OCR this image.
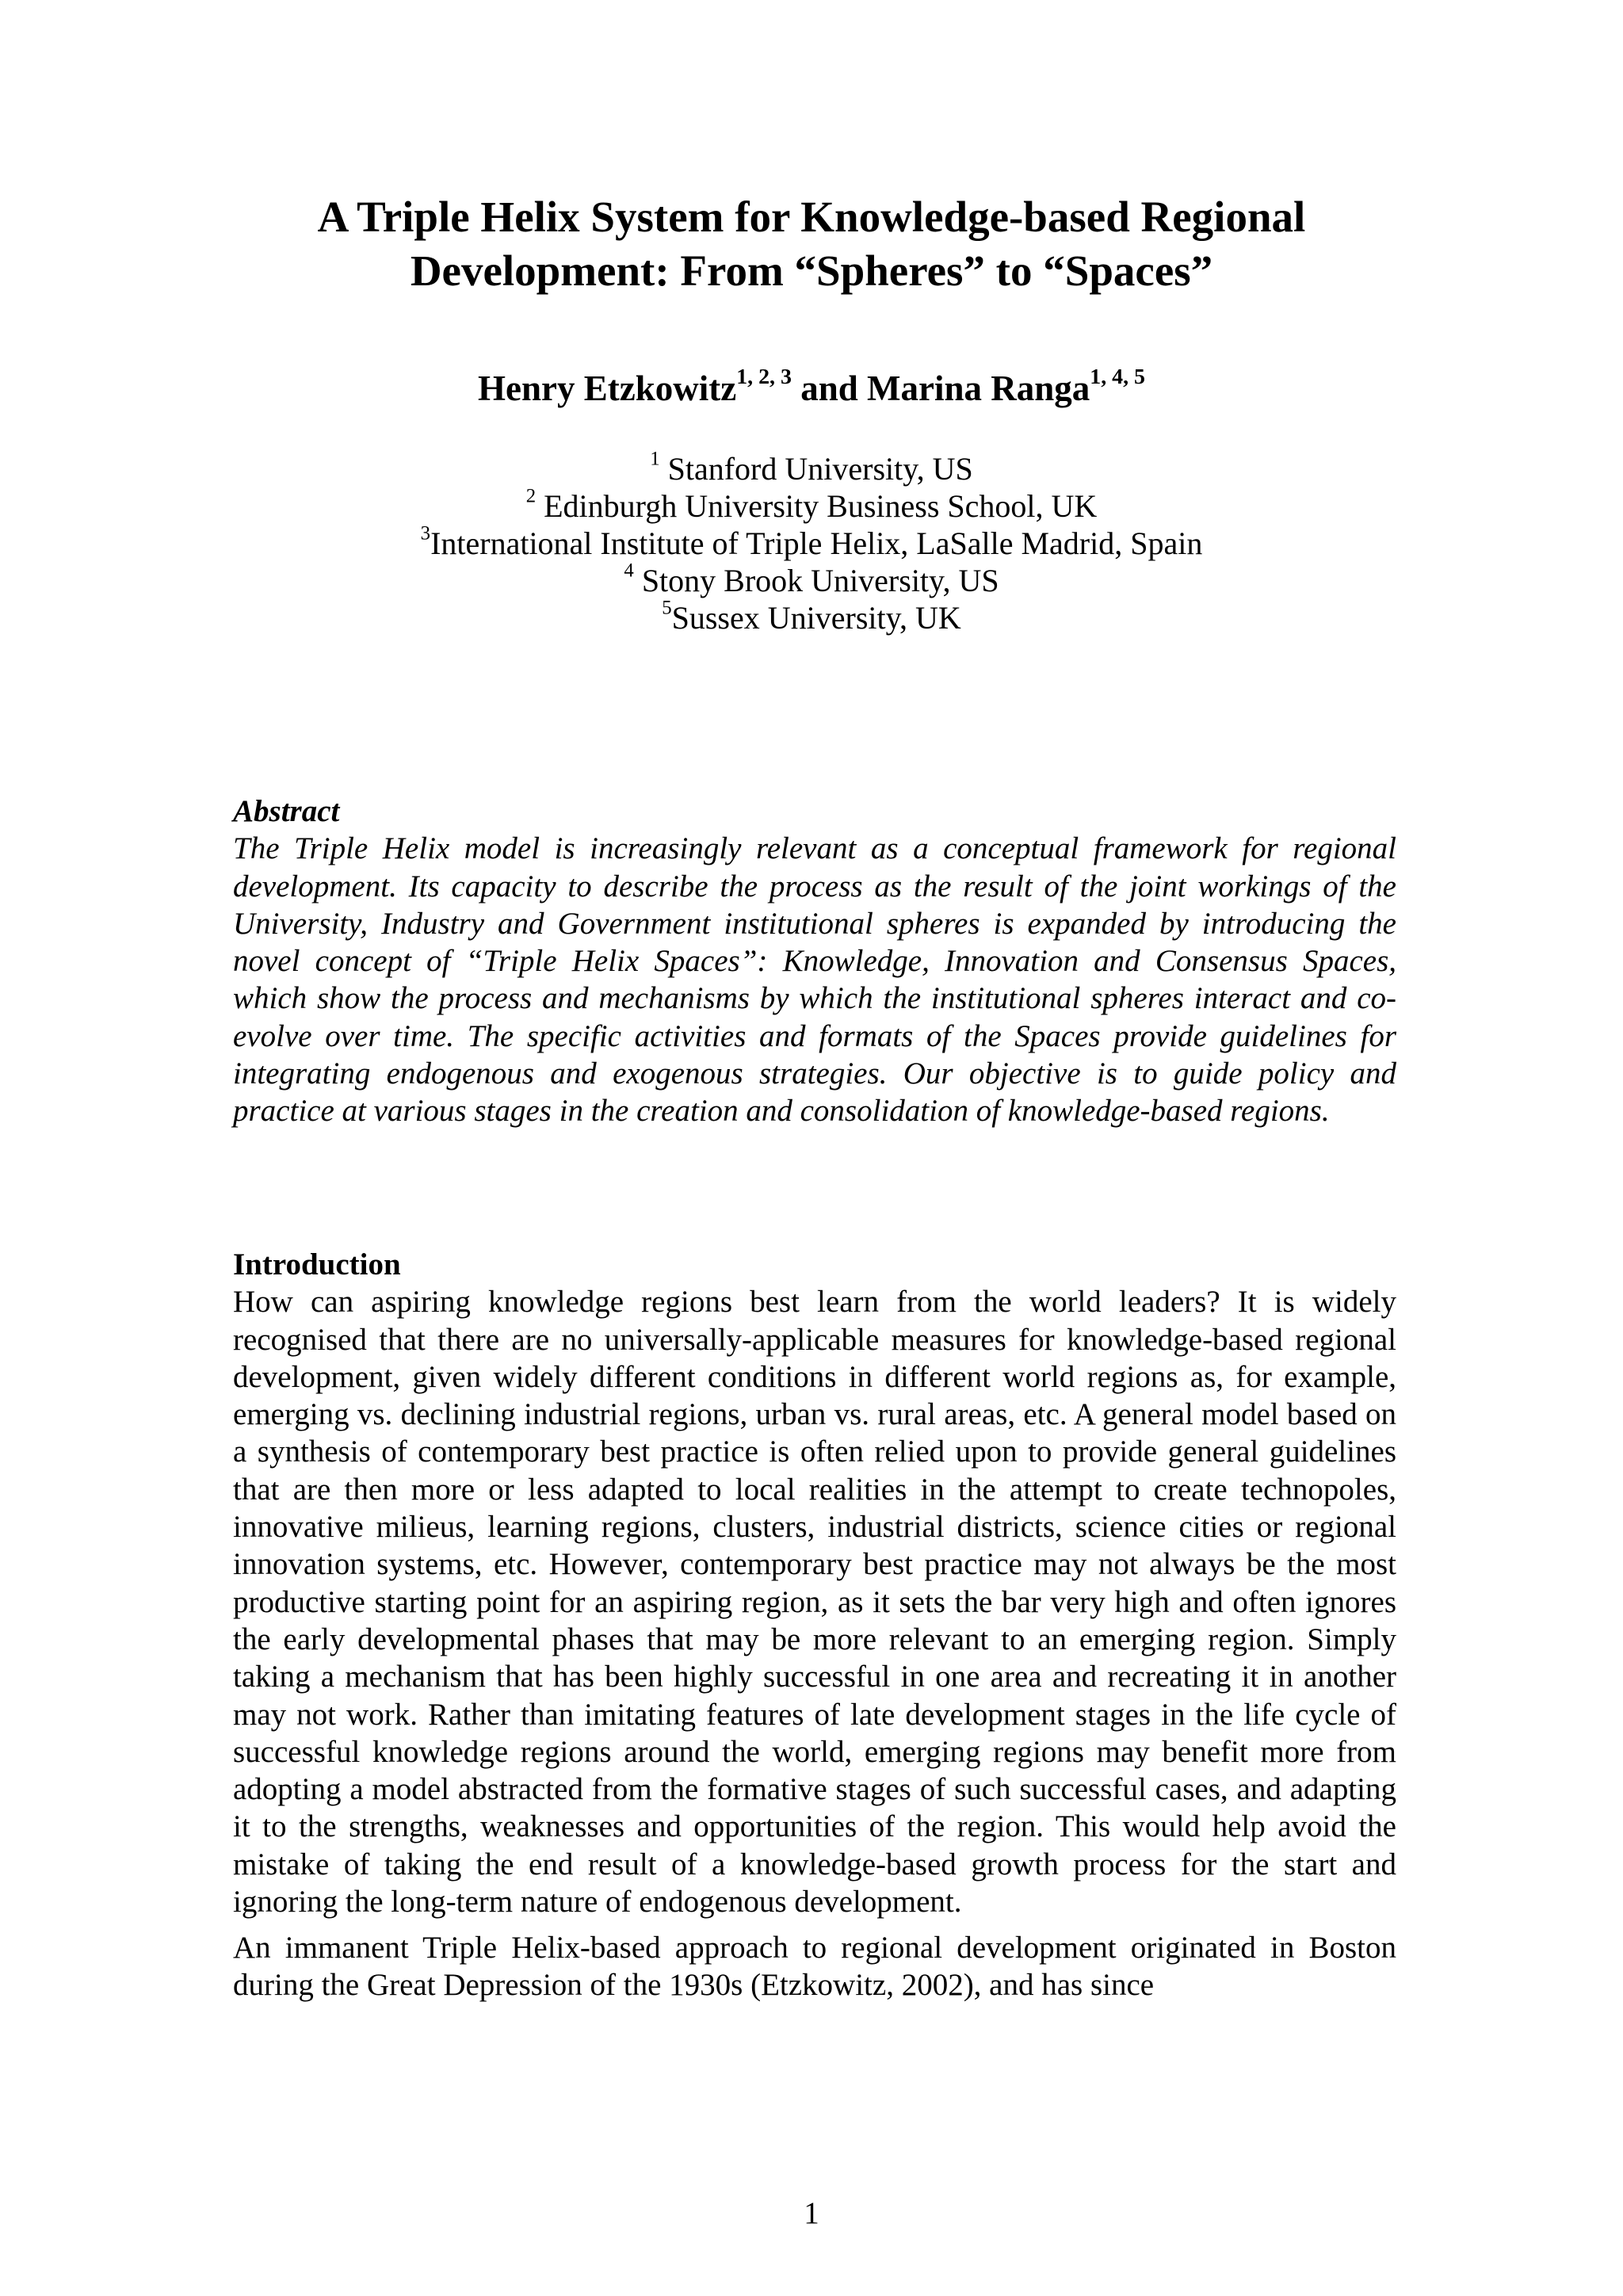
A Triple Helix System for Knowledge-based Regional
Development: From “Spheres” to “Spaces”
Henry Etzkowitz$^{1, 2, 3}$ and Marina Ranga$^{1, 4, 5}$
$^1$ Stanford University, US
$^2$ Edinburgh University Business School, UK
$^3$International Institute of Triple Helix, LaSalle Madrid, Spain
$^4$ Stony Brook University, US
$^5$Sussex University, UK
Abstract
The Triple Helix model is increasingly relevant as a conceptual framework for regional development. Its capacity to describe the process as the result of the joint workings of the University, Industry and Government institutional spheres is expanded by introducing the novel concept of “Triple Helix Spaces”: Knowledge, Innovation and Consensus Spaces, which show the process and mechanisms by which the institutional spheres interact and co-evolve over time. The specific activities and formats of the Spaces provide guidelines for integrating endogenous and exogenous strategies. Our objective is to guide policy and practice at various stages in the creation and consolidation of knowledge-based regions.
Introduction
How can aspiring knowledge regions best learn from the world leaders? It is widely recognised that there are no universally-applicable measures for knowledge-based regional development, given widely different conditions in different world regions as, for example, emerging vs. declining industrial regions, urban vs. rural areas, etc. A general model based on a synthesis of contemporary best practice is often relied upon to provide general guidelines that are then more or less adapted to local realities in the attempt to create technopoles, innovative milieus, learning regions, clusters, industrial districts, science cities or regional innovation systems, etc. However, contemporary best practice may not always be the most productive starting point for an aspiring region, as it sets the bar very high and often ignores the early developmental phases that may be more relevant to an emerging region. Simply taking a mechanism that has been highly successful in one area and recreating it in another may not work. Rather than imitating features of late development stages in the life cycle of successful knowledge regions around the world, emerging regions may benefit more from adopting a model abstracted from the formative stages of such successful cases, and adapting it to the strengths, weaknesses and opportunities of the region. This would help avoid the mistake of taking the end result of a knowledge-based growth process for the start and ignoring the long-term nature of endogenous development.
An immanent Triple Helix-based approach to regional development originated in Boston during the Great Depression of the 1930s (Etzkowitz, 2002), and has since
1
